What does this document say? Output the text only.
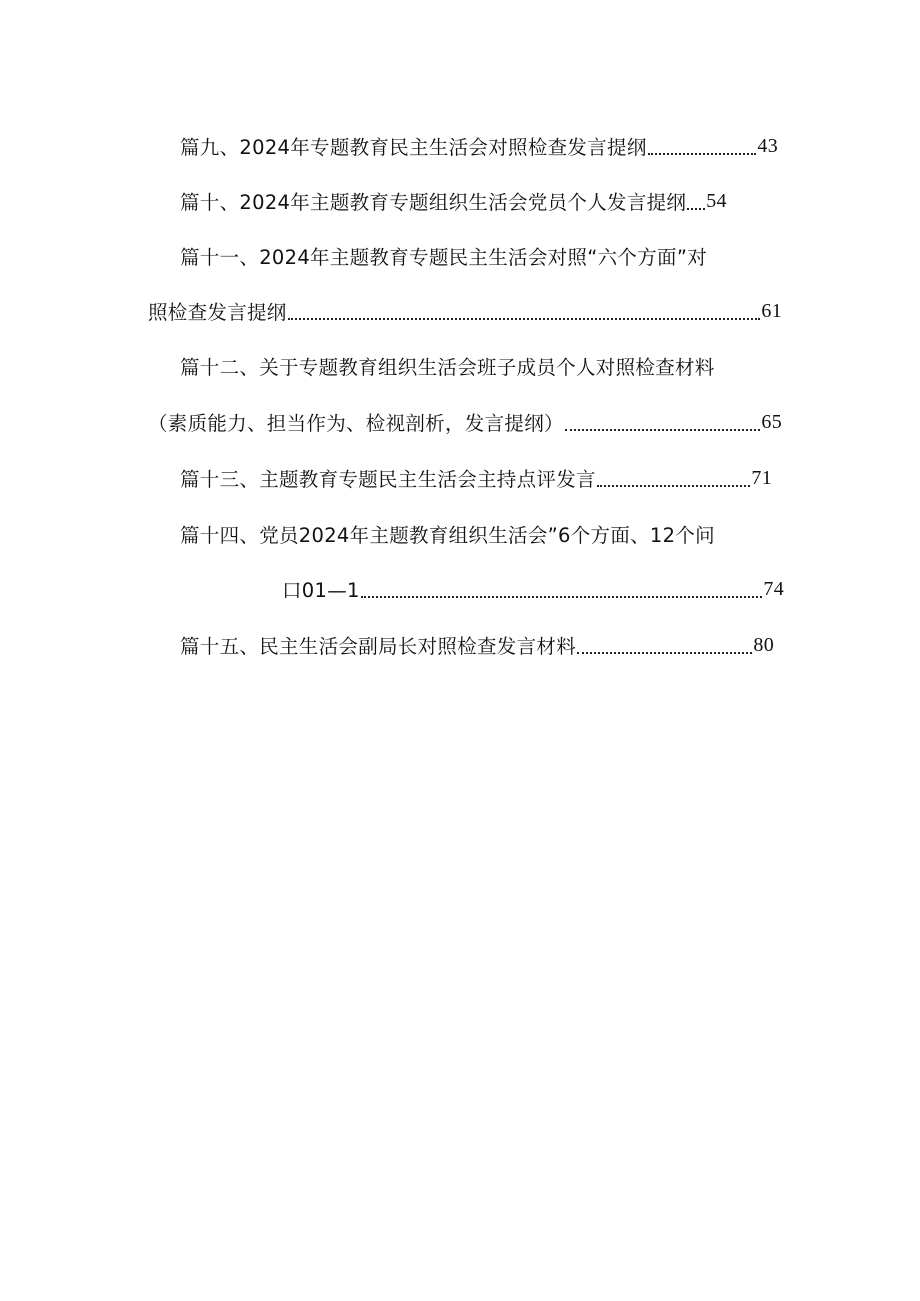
篇九、2024年专题教育民主生活会对照检查发言提纲	43
篇十、2024年主题教育专题组织生活会党员个人发言提纲 54
篇十一、2024年主题教育专题民主生活会对照“六个方面”对
照检查发言提纲	61
篇十二、关于专题教育组织生活会班子成员个人对照检查材料
（素质能力、担当作为、检视剖析，发言提纲）	65
篇十三、主题教育专题民主生活会主持点评发言	71
篇十四、党员2024年主题教育组织生活会”6个方面、12个问
口01—1	74
篇十五、民主生活会副局长对照检查发言材料	80
